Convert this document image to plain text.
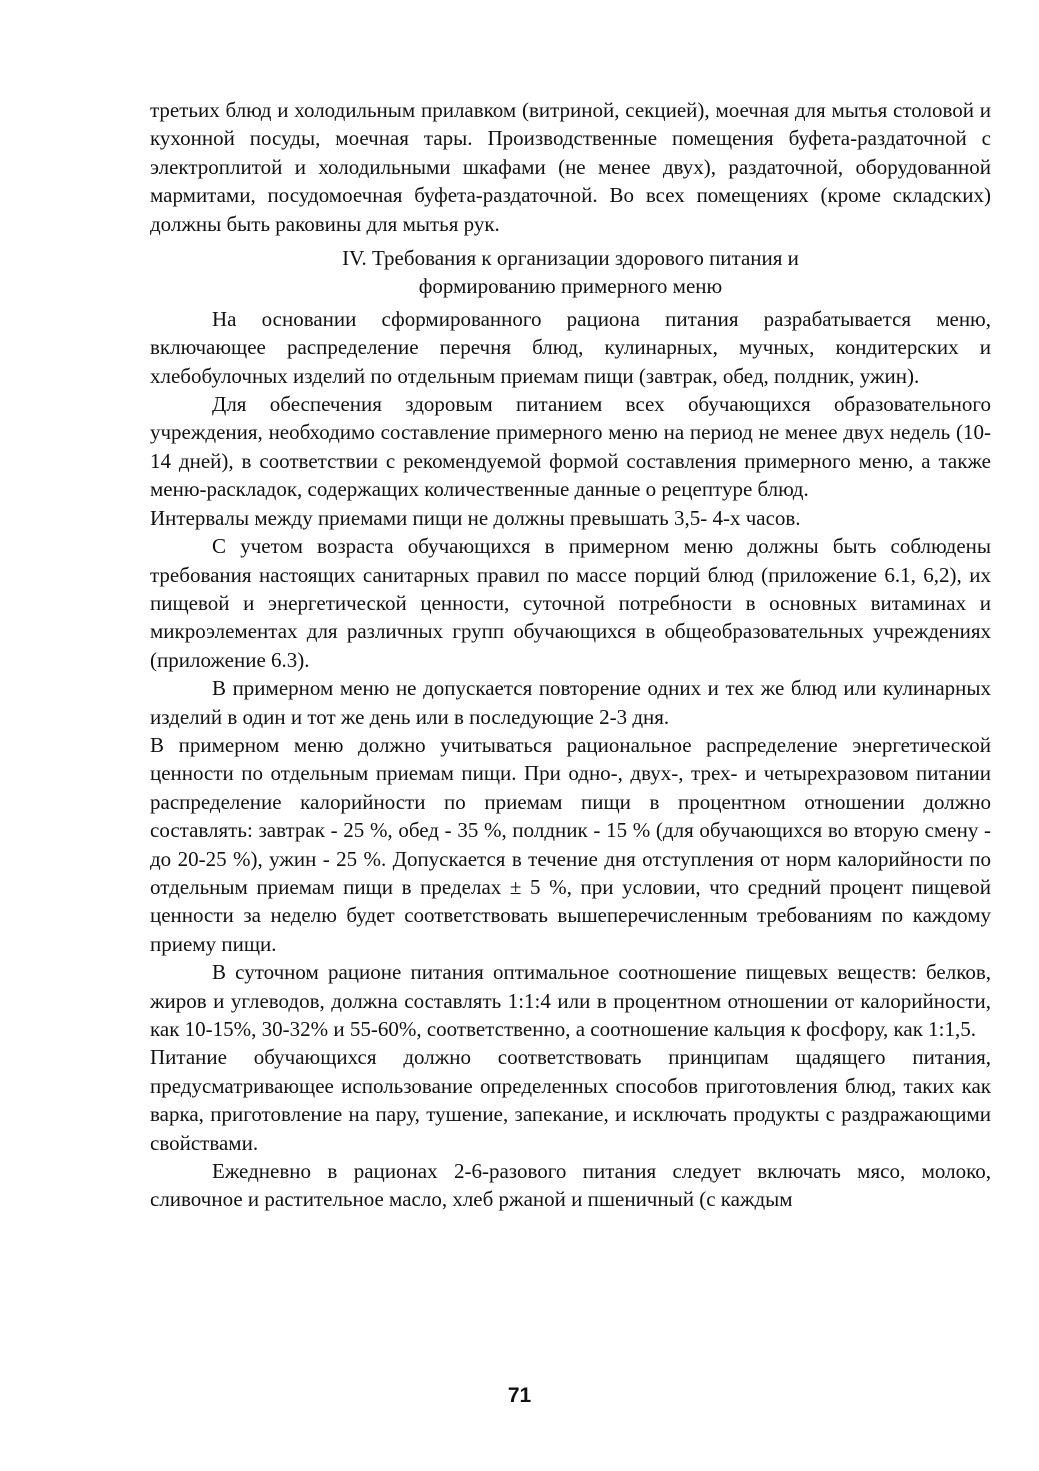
третьих блюд и холодильным прилавком (витриной, секцией), моечная для мытья столовой и кухонной посуды, моечная тары. Производственные помещения буфета-раздаточной с электроплитой и холодильными шкафами (не менее двух), раздаточной, оборудованной мармитами, посудомоечная буфета-раздаточной. Во всех помещениях (кроме складских) должны быть раковины для мытья рук.

IV. Требования к организации здорового питания и
формированию примерного меню

На основании сформированного рациона питания разрабатывается меню, включающее распределение перечня блюд, кулинарных, мучных, кондитерских и хлебобулочных изделий по отдельным приемам пищи (завтрак, обед, полдник, ужин).

Для обеспечения здоровым питанием всех обучающихся образовательного учреждения, необходимо составление примерного меню на период не менее двух недель (10-14 дней), в соответствии с рекомендуемой формой составления примерного меню, а также меню-раскладок, содержащих количественные данные о рецептуре блюд.

Интервалы между приемами пищи не должны превышать 3,5- 4-х часов.

С учетом возраста обучающихся в примерном меню должны быть соблюдены требования настоящих санитарных правил по массе порций блюд (приложение 6.1, 6,2), их пищевой и энергетической ценности, суточной потребности в основных витаминах и микроэлементах для различных групп обучающихся в общеобразовательных учреждениях (приложение 6.3).

В примерном меню не допускается повторение одних и тех же блюд или кулинарных изделий в один и тот же день или в последующие 2-3 дня.

В примерном меню должно учитываться рациональное распределение энергетической ценности по отдельным приемам пищи. При одно-, двух-, трех- и четырехразовом питании распределение калорийности по приемам пищи в процентном отношении должно составлять: завтрак - 25 %, обед - 35 %, полдник - 15 % (для обучающихся во вторую смену - до 20-25 %), ужин - 25 %. Допускается в течение дня отступления от норм калорийности по отдельным приемам пищи в пределах ± 5 %, при условии, что средний процент пищевой ценности за неделю будет соответствовать вышеперечисленным требованиям по каждому приему пищи.

В суточном рационе питания оптимальное соотношение пищевых веществ: белков, жиров и углеводов, должна составлять 1:1:4 или в процентном отношении от калорийности, как 10-15%, 30-32% и 55-60%, соответственно, а соотношение кальция к фосфору, как 1:1,5.

Питание обучающихся должно соответствовать принципам щадящего питания, предусматривающее использование определенных способов приготовления блюд, таких как варка, приготовление на пару, тушение, запекание, и исключать продукты с раздражающими свойствами.

Ежедневно в рационах 2-6-разового питания следует включать мясо, молоко, сливочное и растительное масло, хлеб ржаной и пшеничный (с каждым

71
